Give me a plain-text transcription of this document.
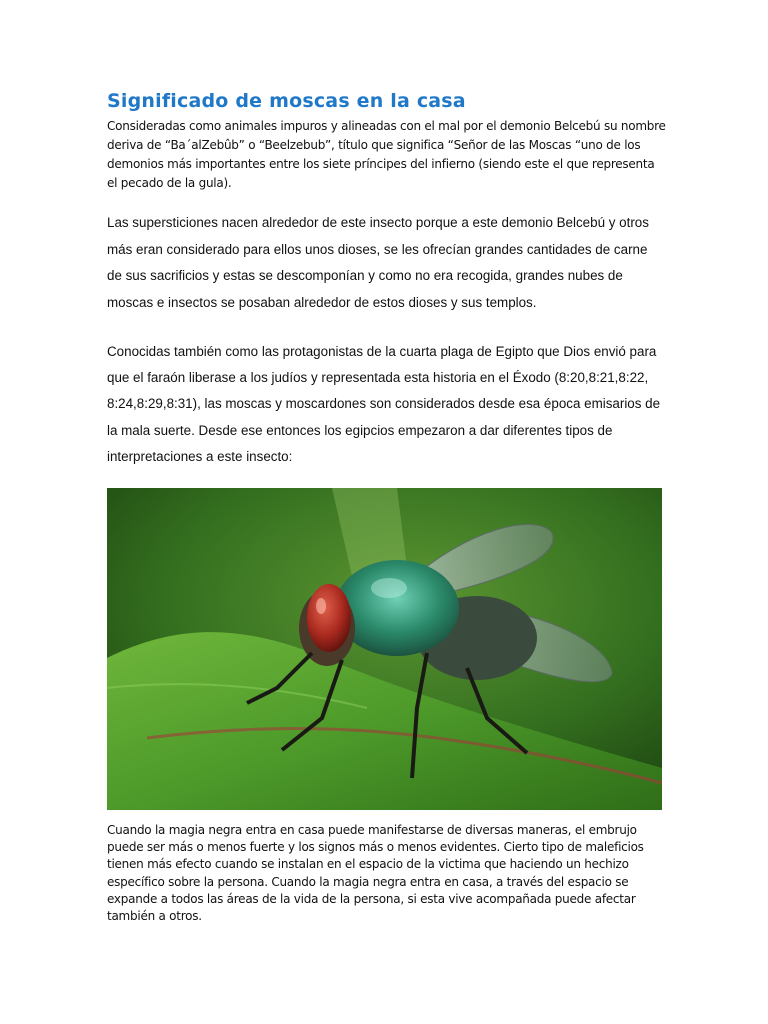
Significado de moscas en la casa

Consideradas como animales impuros y alineadas con el mal por el demonio Belcebú su nombre deriva de “Ba´alZebûb” o “Beelzebub”, título que significa “Señor de las Moscas “uno de los demonios más importantes entre los siete príncipes del infierno (siendo este el que representa el pecado de la gula).

Las supersticiones nacen alrededor de este insecto porque a este demonio Belcebú y otros más eran considerado para ellos unos dioses, se les ofrecían grandes cantidades de carne de sus sacrificios y estas se descomponían y como no era recogida, grandes nubes de moscas e insectos se posaban alrededor de estos dioses y sus templos.

Conocidas también como las protagonistas de la cuarta plaga de Egipto que Dios envió para que el faraón liberase a los judíos y representada esta historia en el Éxodo (8:20,8:21,8:22, 8:24,8:29,8:31), las moscas y moscardones son considerados desde esa época emisarios de la mala suerte. Desde ese entonces los egipcios empezaron a dar diferentes tipos de interpretaciones a este insecto:

Cuando la magia negra entra en casa puede manifestarse de diversas maneras, el embrujo puede ser más o menos fuerte y los signos más o menos evidentes. Cierto tipo de maleficios tienen más efecto cuando se instalan en el espacio de la victima que haciendo un hechizo específico sobre la persona. Cuando la magia negra entra en casa, a través del espacio se expande a todos las áreas de la vida de la persona, si esta vive acompañada puede afectar también a otros.
